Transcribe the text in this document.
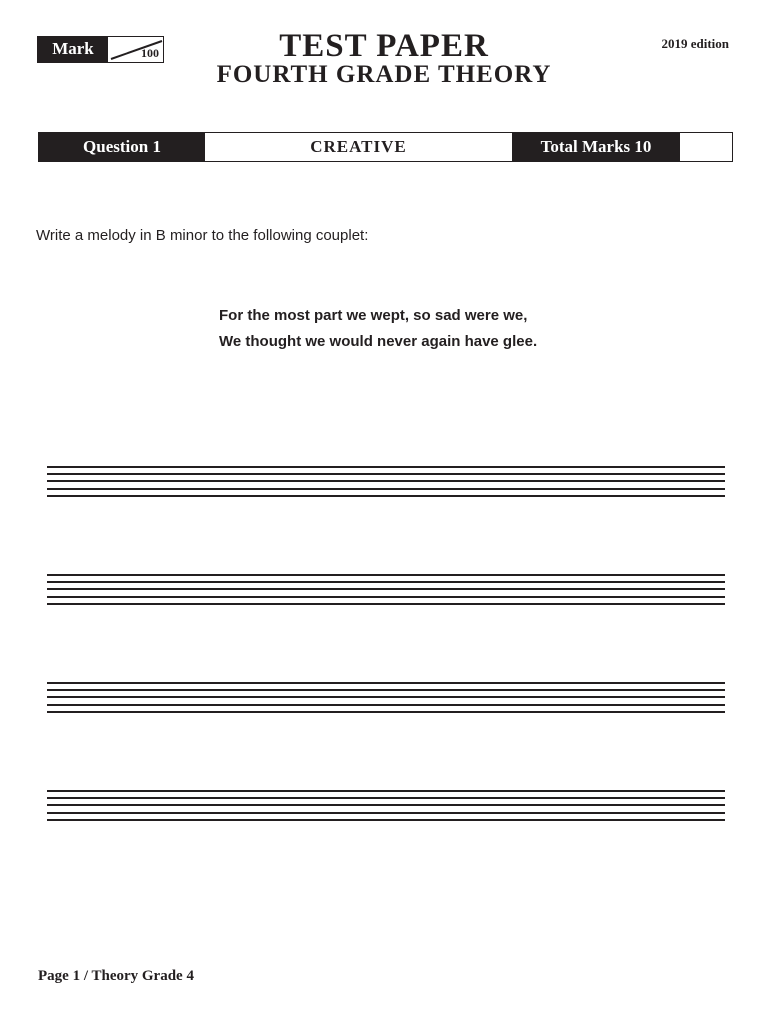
Mark	100	TEST PAPER
FOURTH GRADE THEORY
2019 edition
Question 1	CREATIVE	Total Marks 10
Write a melody in B minor to the following couplet:
For the most part we wept, so sad were we,
We thought we would never again have glee.
Page 1 / Theory Grade 4
